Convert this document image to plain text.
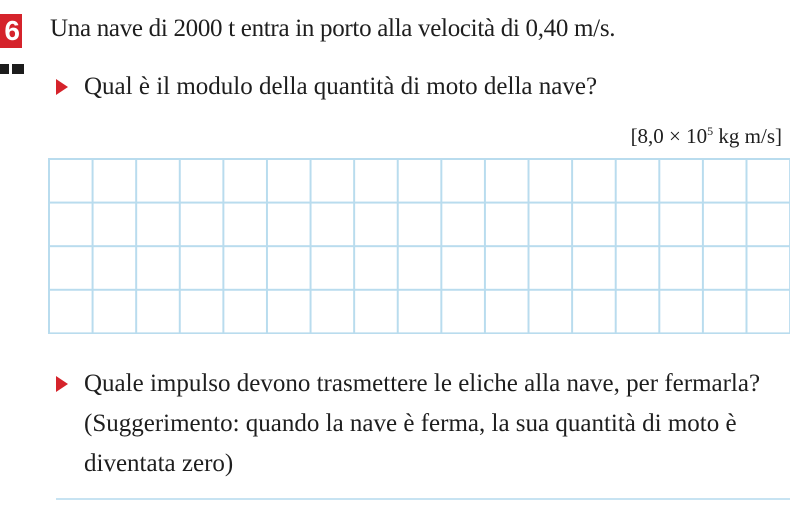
6 Una nave di 2000 t entra in porto alla velocità di 0,40 m/s.
Qual è il modulo della quantità di moto della nave?
[$8,0 \times 10^5$ kg m/s]
Quale impulso devono trasmettere le eliche alla nave, per fermarla? (Suggerimento: quando la nave è ferma, la sua quantità di moto è diventata zero)
